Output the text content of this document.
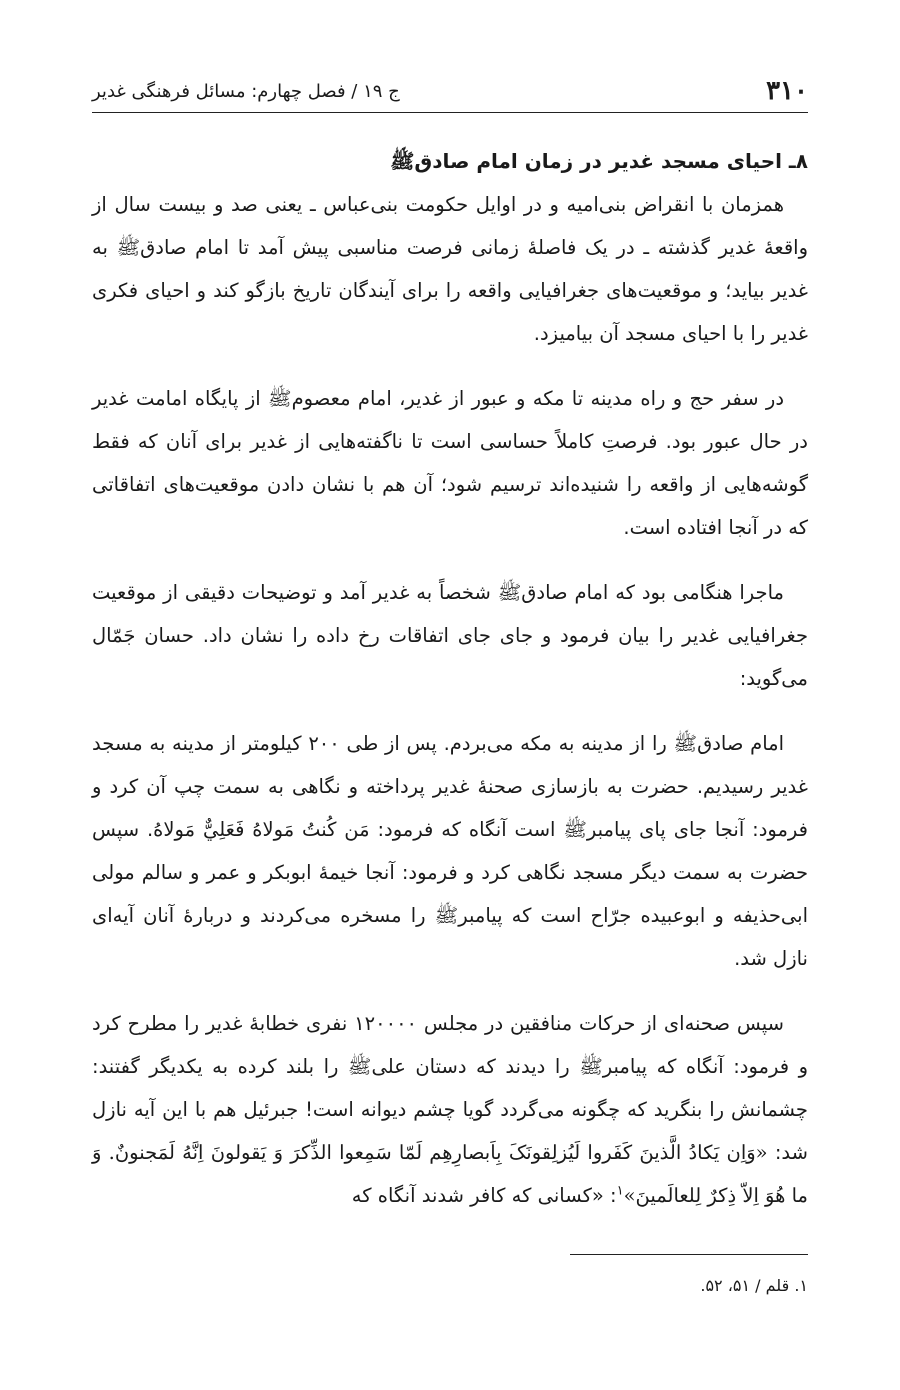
۳۱۰
ج ۱۹ / فصل چهارم: مسائل فرهنگی غدیر

۸ـ احیای مسجد غدیر در زمان امام صادقﷺ

همزمان با انقراض بنی‌امیه و در اوایل حکومت بنی‌عباس ـ یعنی صد و بیست سال از واقعهٔ غدیر گذشته ـ در یک فاصلهٔ زمانی فرصت مناسبی پیش آمد تا امام صادقﷺ به غدیر بیاید؛ و موقعیت‌های جغرافیایی واقعه را برای آیندگان تاریخ بازگو کند و احیای فکری غدیر را با احیای مسجد آن بیامیزد.

در سفر حج و راه مدینه تا مکه و عبور از غدیر، امام معصومﷺ از پایگاه امامت غدیر در حال عبور بود. فرصتِ کاملاً حساسی است تا ناگفته‌هایی از غدیر برای آنان که فقط گوشه‌هایی از واقعه را شنیده‌اند ترسیم شود؛ آن هم با نشان دادن موقعیت‌های اتفاقاتی که در آنجا افتاده است.

ماجرا هنگامی بود که امام صادقﷺ شخصاً به غدیر آمد و توضیحات دقیقی از موقعیت جغرافیایی غدیر را بیان فرمود و جای جای اتفاقات رخ داده را نشان داد. حسان جَمّال می‌گوید:

امام صادقﷺ را از مدینه به مکه می‌بردم. پس از طی ۲۰۰ کیلومتر از مدینه به مسجد غدیر رسیدیم. حضرت به بازسازی صحنهٔ غدیر پرداخته و نگاهی به سمت چپ آن کرد و فرمود: آنجا جای پای پیامبرﷺ است آنگاه که فرمود: مَن کُنتُ مَولاهُ فَعَلِيٌّ مَولاهُ. سپس حضرت به سمت دیگر مسجد نگاهی کرد و فرمود: آنجا خیمهٔ ابوبکر و عمر و سالم مولی ابی‌حذیفه و ابوعبیده جرّاح است که پیامبرﷺ را مسخره می‌کردند و دربارهٔ آنان آیه‌ای نازل شد.

سپس صحنه‌ای از حرکات منافقین در مجلس ۱۲۰۰۰۰ نفری خطابهٔ غدیر را مطرح کرد و فرمود: آنگاه که پیامبرﷺ را دیدند که دستان علیﷺ را بلند کرده به یکدیگر گفتند: چشمانش را بنگرید که چگونه می‌گردد گویا چشم دیوانه است! جبرئیل هم با این آیه نازل شد: «وَاِن یَکادُ الَّذینَ کَفَروا لَیُزلِقونَکَ بِاَبصارِهِم لَمّا سَمِعوا الذِّکرَ وَ یَقولونَ اِنَّهُ لَمَجنونٌ. وَ ما هُوَ اِلاّ ذِکرٌ لِلعالَمینَ»$^۱$: «کسانی که کافر شدند آنگاه که

۱. قلم / ۵۱، ۵۲.
